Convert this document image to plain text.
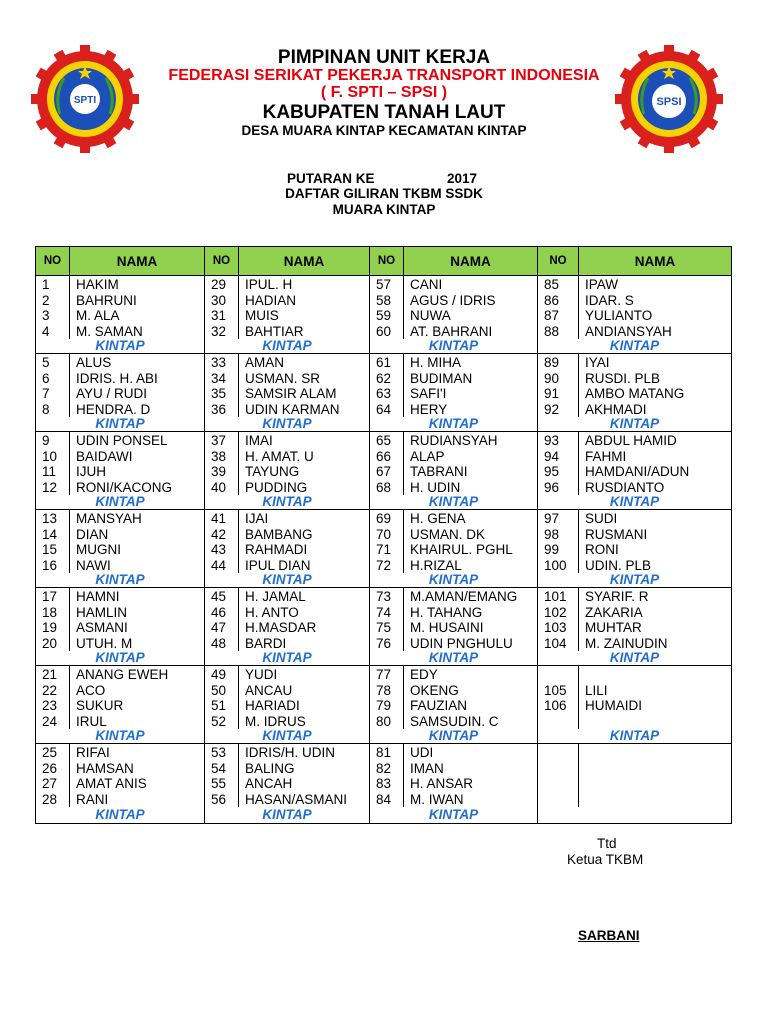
SPTI	SPSI
PIMPINAN UNIT KERJA
FEDERASI SERIKAT PEKERJA TRANSPORT INDONESIA
( F. SPTI – SPSI )
KABUPATEN TANAH LAUT
DESA MUARA KINTAP KECAMATAN KINTAP
PUTARAN KE	2017
DAFTAR GILIRAN TKBM SSDK
MUARA KINTAP
NO	NAMA	NO	NAMA	NO	NAMA	NO	NAMA
1	HAKIM	29	IPUL. H	57	CANI	85	IPAW
2	BAHRUNI	30	HADIAN	58	AGUS / IDRIS	86	IDAR. S
3	M. ALA	31	MUIS	59	NUWA	87	YULIANTO
4	M. SAMAN	32	BAHTIAR	60	AT. BAHRANI	88	ANDIANSYAH
KINTAP		KINTAP		KINTAP		KINTAP	
5	ALUS	33	AMAN	61	H. MIHA	89	IYAI
6	IDRIS. H. ABI	34	USMAN. SR	62	BUDIMAN	90	RUSDI. PLB
7	AYU / RUDI	35	SAMSIR ALAM	63	SAFI'I	91	AMBO MATANG
8	HENDRA. D	36	UDIN KARMAN	64	HERY	92	AKHMADI
KINTAP		KINTAP		KINTAP		KINTAP	
9	UDIN PONSEL	37	IMAI	65	RUDIANSYAH	93	ABDUL HAMID
10	BAIDAWI	38	H. AMAT. U	66	ALAP	94	FAHMI
11	IJUH	39	TAYUNG	67	TABRANI	95	HAMDANI/ADUN
12	RONI/KACONG	40	PUDDING	68	H. UDIN	96	RUSDIANTO
KINTAP		KINTAP		KINTAP		KINTAP	
13	MANSYAH	41	IJAI	69	H. GENA	97	SUDI
14	DIAN	42	BAMBANG	70	USMAN. DK	98	RUSMANI
15	MUGNI	43	RAHMADI	71	KHAIRUL. PGHL	99	RONI
16	NAWI	44	IPUL DIAN	72	H.RIZAL	100	UDIN. PLB
KINTAP		KINTAP		KINTAP		KINTAP	
17	HAMNI	45	H. JAMAL	73	M.AMAN/EMANG	101	SYARIF. R
18	HAMLIN	46	H. ANTO	74	H. TAHANG	102	ZAKARIA
19	ASMANI	47	H.MASDAR	75	M. HUSAINI	103	MUHTAR
20	UTUH. M	48	BARDI	76	UDIN PNGHULU	104	M. ZAINUDIN
KINTAP		KINTAP		KINTAP		KINTAP	
21	ANANG EWEH	49	YUDI	77	EDY		
22	ACO	50	ANCAU	78	OKENG	105	LILI
23	SUKUR	51	HARIADI	79	FAUZIAN	106	HUMAIDI
24	IRUL	52	M. IDRUS	80	SAMSUDIN. C		
KINTAP		KINTAP		KINTAP		KINTAP	
25	RIFAI	53	IDRIS/H. UDIN	81	UDI		
26	HAMSAN	54	BALING	82	IMAN		
27	AMAT ANIS	55	ANCAH	83	H. ANSAR		
28	RANI	56	HASAN/ASMANI	84	M. IWAN		
KINTAP		KINTAP		KINTAP			
Ttd
Ketua TKBM
SARBANI
